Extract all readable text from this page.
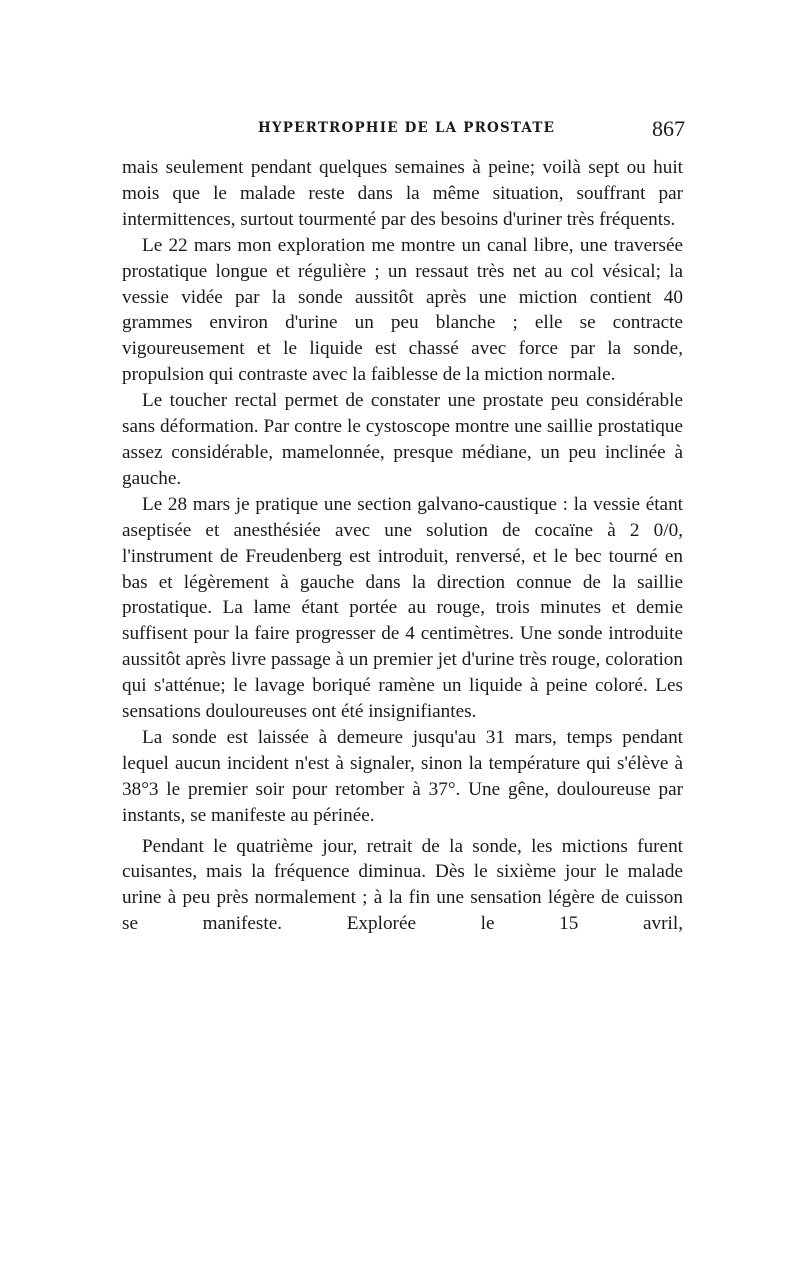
HYPERTROPHIE DE LA PROSTATE	867

mais seulement pendant quelques semaines à peine; voilà sept ou huit mois que le malade reste dans la même situation, souffrant par intermittences, surtout tourmenté par des besoins d'uriner très fréquents.

Le 22 mars mon exploration me montre un canal libre, une traversée prostatique longue et régulière ; un ressaut très net au col vésical; la vessie vidée par la sonde aussitôt après une miction contient 40 grammes environ d'urine un peu blanche ; elle se contracte vigoureusement et le liquide est chassé avec force par la sonde, propulsion qui contraste avec la faiblesse de la miction normale.

Le toucher rectal permet de constater une prostate peu considérable sans déformation. Par contre le cystoscope montre une saillie prostatique assez considérable, mamelonnée, presque médiane, un peu inclinée à gauche.

Le 28 mars je pratique une section galvano-caustique : la vessie étant aseptisée et anesthésiée avec une solution de cocaïne à 2 0/0, l'instrument de Freudenberg est introduit, renversé, et le bec tourné en bas et légèrement à gauche dans la direction connue de la saillie prostatique. La lame étant portée au rouge, trois minutes et demie suffisent pour la faire progresser de 4 centimètres. Une sonde introduite aussitôt après livre passage à un premier jet d'urine très rouge, coloration qui s'atténue; le lavage boriqué ramène un liquide à peine coloré. Les sensations douloureuses ont été insignifiantes.

La sonde est laissée à demeure jusqu'au 31 mars, temps pendant lequel aucun incident n'est à signaler, sinon la température qui s'élève à 38°3 le premier soir pour retomber à 37°. Une gêne, douloureuse par instants, se manifeste au périnée.

Pendant le quatrième jour, retrait de la sonde, les mictions furent cuisantes, mais la fréquence diminua. Dès le sixième jour le malade urine à peu près normalement ; à la fin une sensation légère de cuisson se manifeste. Explorée le 15 avril,
